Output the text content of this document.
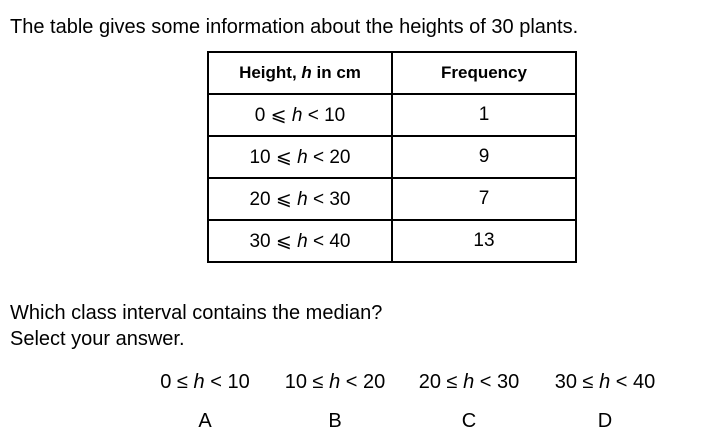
The table gives some information about the heights of 30 plants.
Height, h in cm	Frequency
0 ⩽ h < 10	1
10 ⩽ h < 20	9
20 ⩽ h < 30	7
30 ⩽ h < 40	13
Which class interval contains the median?
Select your answer.
0 ≤ h < 10
A
10 ≤ h < 20
B
20 ≤ h < 30
C
30 ≤ h < 40
D
